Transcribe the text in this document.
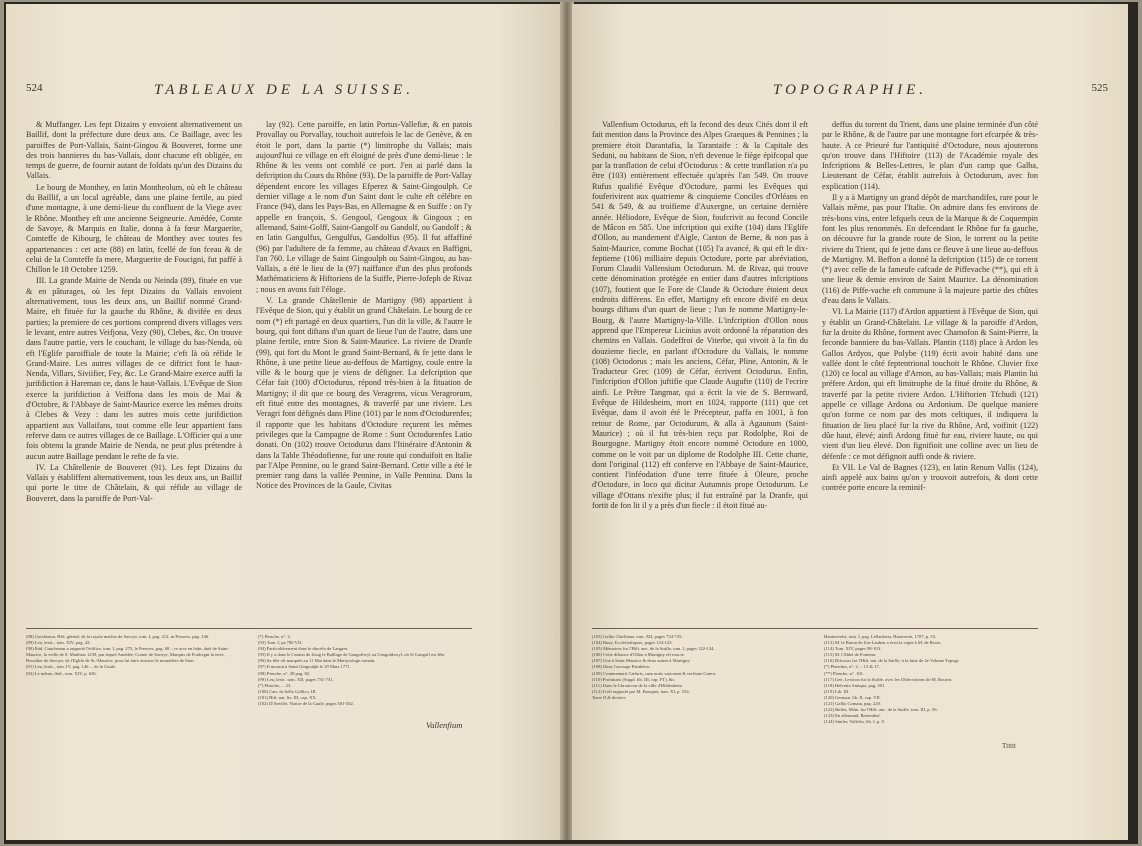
524	TABLEAUX DE LA SUISSE.

& Muffanger. Les fept Dizains y envoient alternativement un Baillif, dont la préfecture dure deux ans. Ce Baillage, avec les paroiffes de Port-Vallais, Saint-Gingou & Bouveret, forme une des trois bannieres du bas-Vallais, dont chacune eft obligée, en temps de guerre, de fournir autant de foldats qu'un des Dizains du Vallais.

Le bourg de Monthey, en latin Montheolum, où eft le château du Baillif, a un local agréable, dans une plaine fertile, au pied d'une montagne, à une demi-lieue du confluent de la Viege avec le Rhône. Monthey eft une ancienne Seigneurie. Amédée, Comte de Savoye, & Marquis en Italie, donna à fa fœur Marguerite, Comteffe de Kibourg, le château de Monthey avec toutes fes appartenances : cet acte (88) en latin, fcellé de fon fceau & de celui de la Comteffe fa mere, Marguerite de Foucigni, fut paffé à Chillon le 18 Octobre 1259.

III. La grande Mairie de Nenda ou Neinda (89), fituée en vue & en pâturages, où les fept Dizains du Vallais envoient alternativement, tous les deux ans, un Baillif nommé Grand-Maire, eft fituée fur la gauche du Rhône, & divifée en deux parties; la premiere de ces portions comprend divers villages vers le levant, entre autres Veifjona, Vezy (90), Clebes, &c. On trouve dans l'autre partie, vers le couchant, le village du bas-Nenda, où eft l'Eglife paroiffiale de toute la Mairie; c'eft là où réfide le Grand-Maire. Les autres villages de ce diftrict font le haut-Nenda, Villars, Siviifier, Fey, &c. Le Grand-Maire exerce auffi la jurifdiction à Hareman ce, dans le haut-Vallais. L'Evêque de Sion exerce la jurifdiction à Veiffona dans les mois de Mai & d'Octobre, & l'Abbaye de Saint-Maurice exerce les mêmes droits à Clebes & Vezy : dans les autres mois cette jurifdiction appartient aux Vallaifans, tout comme elle leur appartient fans referve dans ce autres villages de ce Baillage. L'Officier qui a une fois obtenu la grande Mairie de Nenda, ne peut plus prétendre à aucun autre Baillage pendant le refte de fa vie.

IV. La Châtellenie de Bouveret (91). Les fept Dizains du Vallais y établiffent alternativement, tous les deux ans, un Baillif qui porte le titre de Châtelain, & qui réfide au village de Bouveret, dans la paroiffe de Port-Val-

lay (92). Cette paroiffe, en latin Portus-Vallefiæ, & en patois Provallay ou Porvallay, touchoit autrefois le lac de Genève, & en étoit le port, dans la partie (*) limitrophe du Vallais; mais aujourd'hui ce village en eft éloigné de près d'une demi-lieue : le Rhône & les vents ont comblé ce port. J'en ai parlé dans la defcription du Cours du Rhône (93). De la paroiffe de Port-Vallay dépendent encore les villages Efperez & Saint-Gingoulph. Ce dernier village a le nom d'un Saint dont le culte eft célébre en France (94), dans les Pays-Bas, en Allemagne & en Suiffe : on l'y appelle en françois, S. Gengoul, Gengoux & Gingoux ; en allemand, Saint-Golff, Saint-Gangolf ou Gandolf, ou Gandolf ; & en latin Gangulfus, Gengulfus, Gandolfus (95). Il fut affaffiné (96) par l'adultere de fa femme, au château d'Avaux en Baffigni, l'an 760. Le village de Saint Gingoulph ou Saint-Gingou, au bas-Vallais, a été le lieu de la (97) naiffance d'un des plus profonds Mathématiciens & Hiftoriens de la Suiffe, Pierre-Jofeph de Rivaz ; nous en avons fait l'éloge.

V. La grande Châtellenie de Martigny (98) appartient à l'Evêque de Sion, qui y établit un grand Châtelain. Le bourg de ce nom (*) eft partagé en deux quartiers, l'un dit la ville, & l'autre le bourg, qui font diftans d'un quart de lieue l'un de l'autre, dans une plaine fertile, entre Sion & Saint-Maurice. La riviere de Dranfe (99), qui fort du Mont le grand Saint-Bernard, & fe jette dans le Rhône, à une petite lieue au-deffous de Martigny, coule entre la ville & le bourg que je viens de défigner. La defcription que Céfar fait (100) d'Octodurus, répond très-bien à la fituation de Martigny; il dit que ce bourg des Veragrens, vicus Veragrorum, eft fitué entre des montagnes, & traverfé par une riviere. Les Veragri font défignés dans Pline (101) par le nom d'Octodurenfes; il rapporte que les habitans d'Octodure reçurent les mêmes privileges que la Campagne de Rome : Sunt Octodurenfes Latio donati. On (102) trouve Octodurus dans l'Itinéraire d'Antonin & dans la Table Théodofienne, fur une route qui conduifoit en Italie par l'Alpe Pennine, ou le grand Saint-Bernard. Cette ville a été le premier rang dans la vallée Pennine, in Valle Pennina. Dans la Notice des Provinces de la Gaule, Civitas

(88) Guichenon, Hift. généal. de la royale maifon de Savoye, tom. I, pag. 212, in Preuves, pag. 146.
(89) Leu, lexic., tom. XIV, pag. 42.
(90) Ibid. Gauchenon a rapporté l'édifice, tom. I, pag. 275, le Preuves, pag. 68. ; ce acte en latin, daté de Saint-Maurice, la veille de S. Matthias 1239, par lequel Amédée, Comte de Savoye, Marquis de Foulcigni la terre, Bouchier de Savoye, de l'Eglife de St.-Maurice, pour lui faire avancer le monaftère de Sion.
(91) Leu, lexic., tom. IV, pag. 146 ... de la Gaule.
(92) Le même, ibid., tom. XIV, p. 626.
(*) Pinsche, n°. 2.
(93) Tom. I, pa 780 VII.
(94) Particulièrement dans le diocèfe de Langres.
(95) Il y a dans le Canton de Zoug le Baillage de Gangolfwyl ou Gengoldswyl, où St Gangolf est fête.
(96) Sa fête eft marquée au 11 Mai dans le Martyrologe romain.
(97) Il mourut à Saint Gingoulph le 29 Mars 1771.
(98) Pinsche, n°. 28 pag. 82.
(99) Leu, lexic. tom. XII, pages 731-731.
(*) Pinsche, ... 23.
(100) Cæs. de bello Gallico, III.
(101) Hift. nat. liv. III, cap. XX.
(102) D'Anville, Notice de la Gaule, pages 501-502.
Vallenfium
TOPOGRAPHIE.	525

Vallenfium Octodurus, eft la fecond des deux Cités dont il eft fait mention dans la Province des Alpes Graeques & Pennines ; la premiere étoit Darantafia, la Tarantaife : & la Capitale des Seduni, ou habitans de Sion, n'eft devenue le fiège épifcopal que par la tranflation de celui d'Octodurus : & cette tranflation n'a pu être (103) entièrement effectuée qu'après l'an 549. On trouve Rufus qualifié Evêque d'Octodure, parmi les Evêques qui fouferivirent aux quatrieme & cinquieme Conciles d'Orléans en 541 & 549, & au troifieme d'Auxergne, un certaine dernière année. Héliodore, Evêque de Sion, foufcrivit au fecond Concile de Mâcon en 585. Une infcription qui exifte (104) dans l'Eglife d'Ollon, au mandement d'Aigle, Canton de Berne, & non pas à Saint-Maurice, comme Bochat (105) l'a avancé, & qui eft le dix-feptieme (106) milliaire depuis Octodure, porte par abréviation, Forum Claudii Vallensium Octodurum. M. de Rivaz, qui trouve cette dénomination protégée en entier dans d'autres infcriptions (107), foutient que le Fore de Claude & Octodure étoient deux endroits différens. En effet, Martigny eft encore divifé en deux bourgs diftans d'un quart de lieue ; l'un fe nomme Martigny-le-Bourg, & l'autre Martigny-la-Ville. L'infcription d'Ollon nous apprend que l'Empereur Licinius avoit ordonné la réparation des chemins en Vallais. Godeffroi de Viterbe, qui vivoit à la fin du douzieme fiecle, en parlant d'Octodure du Vallais, le nomme (108) Octodorus ; mais les anciens, Céfar, Pline, Antonin, & le Traducteur Grec (109) de Céfar, écrivent Octodurus. Enfin, l'infcription d'Ollon juftifie que Claude Augufte (110) de l'ecrire ainfi. Le Prêtre Tangmar, qui a écrit la vie de S. Bernward, Evêque de Hildesheim, mort en 1024, rapporte (111) que cet Evêque, dans il avoit été le Précepteur, paffa en 1001, à fon retour de Rome, par Octodurum, & alla à Agaunum (Saint-Maurice) ; où il fut très-bien reçu par Rodolphe, Roi de Bourgogne. Martigny étoit encore nommé Octodure en 1000, comme on le voit par un diplome de Rodolphe III. Cette charte, dont l'original (112) eft conferve en l'Abbaye de Saint-Maurice, contient l'inféodation d'une terre fituée à Oleure, proche d'Octodure, in loco qui dicitur Autumnis prope Octodurum. Le village d'Ottans n'exifte plus; il fut entraîné par la Dranfe, qui fortit de fon lit il y a près d'un fiecle : il étoit fitué au-

deffus du torrent du Trient, dans une plaine terminée d'un côté par le Rhône, & de l'autre par une montagne fort efcarpée & très-haute. A ce Prieuré fur l'antiquité d'Octodure, nous ajouterons qu'on trouve dans l'Hiftoire (113) de l'Académie royale des Infcriptions & Belles-Lettres, le plan d'un camp que Galba, Lieutenant de Céfar, établit autrefois à Octodurum, avec fon explication (114).

Il y a à Martigny un grand dépôt de marchandifes, rare pour le Vallais même, pas pour l'Italie. On admire dans fes environs de très-bons vins, entre lefquels ceux de la Marque & de Coquempin font les plus renommés. En defcendant le Rhône fur fa gauche, on découvre fur la grande route de Sion, le torrent ou la petite riviere du Trient, qui fe jette dans ce fleuve à une lieue au-deffous de Martigny. M. Beffon a donné la defcription (115) de ce torrent (*) avec celle de la fameufe cafcade de Piffevache (**), qui eft à une lieue & demie environ de Saint Maurice. La dénomination (116) de Piffe-vache eft commune à la majeure partie des chûtes d'eau dans le Vallais.

VI. La Mairie (117) d'Ardon appartient à l'Evêque de Sion, qui y établit un Grand-Châtelain. Le village & la paroiffe d'Ardon, fur la droite du Rhône, forment avec Chamofon & Saint-Pierre, la feconde banniere du bas-Vallais. Plantin (118) place à Ardon les Gallos Ardyos, que Polybe (119) écrit avoir habité dans une vallée dont le côté feptentrional touchoit le Rhône. Cluvier fixe (120) ce local au village d'Arnon, au bas-Vallais; mais Plantin lui préfere Ardon, qui eft limitrophe de la fitué droite du Rhône, & traverfé par la petite riviere Ardon. L'Hiftorien Tfchudi (121) appelle ce village Ardona ou Ardonium. De quelque maniere qu'on forme ce nom par des mots celtiques, il indiquera la fituation de lieu placé fur la rive du Rhône, Ard, voifinit (122) dûe haut, élevé; ainfi Ardong fitué fur eau, riviere haute, ou qui vient d'un lieu élevé. Don fignifioit une colline avec un lieu de défenfe : ce mot défignoit auffi onde & riviere.

Et VII. Le Val de Bagnes (123), en latin Renum Vallis (124), ainfi appelé aux bains qu'on y trouvoit autrefois, & dont cette contrée porte encore la reminif-

(103) Gallia Chriftiana, tom. XII, pages 734-735.
(104) Ruzy, Ecclefiaftiques, pages 124-125.
(105) Mémoires fur l'Hift. anc. de la Suiffe, tom. I, pages 122-124.
(106) Cette diftance d'Ollon à Martigny eft exacte.
(107) Une à Saint-Maurice & deux autres à Martigny.
(108) Dans l'ouvrage Panthéon.
(109) Commentarii Cæfaris, cum notis variorum & verfione Græca.
(110) Profuturis (Suppl. lib. III, cap. FT), &c.
(111) Dans le Chronicon de la ville d'Hildesheim.
(112) Il eft rapporté par M. Bouquet, tom. XI, p. 554.
Tome II & dernier.
Hauterivelst, tom. I, pag. Lellanleria, Hanoveræ, 1707, p. 53.
(113) M. le Baron de Zur-Lauben a écrit la copie à M. de Rivaz.
(114) Tom. XIV, pages 98-103.
(115) M. l'Abbé de Fontenu.
(116) Difcours fur l'Hift. nat. de la Suiffe, à la fuite de 2e Volume Topogr.
(*) Planches, n°. 2 ... 13 & 17.
(**) Planche, n°. 101.
(117) Gee, Lexicon fur la Suiffe, avec les Obfervations de M. Bourrit.
(118) Helvetia Antiqua, pag. 301.
(119) Lib. III.
(120) German. lib. II, cap. VII.
(121) Gallia Comata, pag. 220.
(122) Bullet, Mém. fur l'Hift. anc. de la Suiffe, tom. III, p. 56.
(123) En allemand, Bartenthal.
(124) Simler, Vallefia, lib. I, p. 8.
Tttttt
